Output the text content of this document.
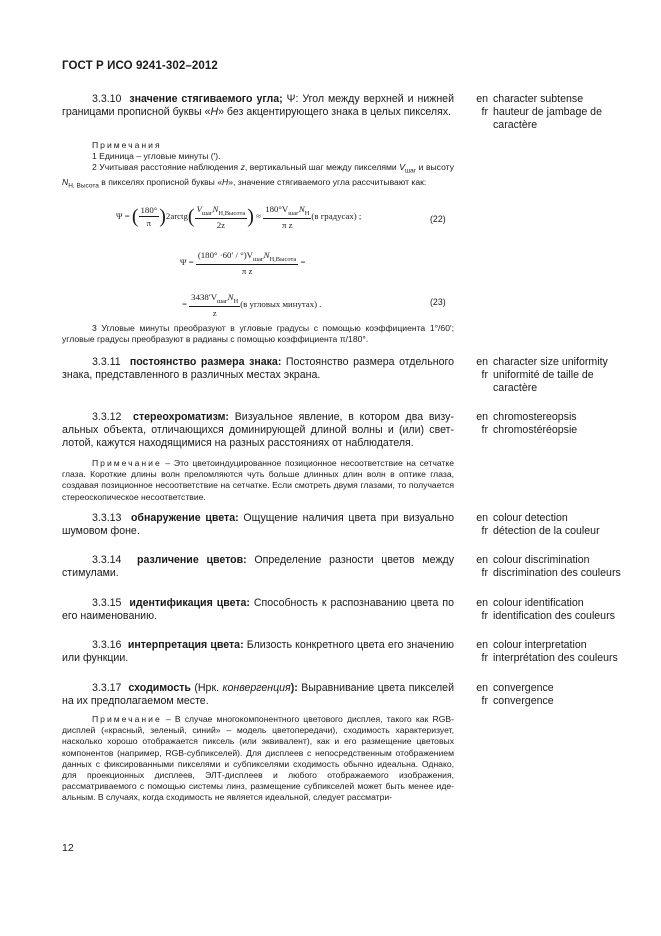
ГОСТ Р ИСО 9241-302–2012

3.3.10 значение стягиваемого угла; Ψ: Угол между верхней и нижней границами прописной буквы «H» без акцентирующего знака в целых пикселях.

Примечания

1 Единица – угловые минуты (′).

2 Учитывая расстояние наблюдения z, вертикальный шаг между пикселями $V_{шаг}$ и высоту $N_{H, Высота}$ в пикселях прописной буквы «H», значение стягиваемого угла рассчитывают как:

Ψ = ( $\frac{180^\circ}{\pi}$ )2arctg( $\frac{V_{шаг}N_{H,Высота}}{2z}$ ) ≈ $\frac{180^\circ V_{шаг}N_H}{\text{π z}} (в$ градусах) ;	(22)
$\Psi = \frac{(180^\circ \cdot 60' / ^\circ)V_{шаг}N_{H,Высота}}{\text{π z}}$ =
= $\frac{3438'V_{шаг}N_H}{z} (в$ угловых минутах) .	(23)

3 Угловые минуты преобразуют в угловые градусы с помощью коэффициента 1°/60′; угловые градусы преобразуют в радианы с помощью коэффициента π/180°.

3.3.11 постоянство размера знака: Постоянство размера отдельного знака, представленного в различных местах экрана.

3.3.12 стереохроматизм: Визуальное явление, в котором два визуальных объекта, отличающихся доминирующей длиной волны и (или) светлотой, кажутся находящимися на разных расстояниях от наблюдателя.

Примечание – Это цветоиндуцированное позиционное несоответствие на сетчатке глаза. Короткие длины волн преломляются чуть больше длинных длин волн в оптике глаза, создавая позиционное несоответствие на сетчатке. Если смотреть двумя глазами, то получается стереоскопическое несоответствие.

3.3.13 обнаружение цвета: Ощущение наличия цвета при визуально шумовом фоне.

3.3.14 различение цветов: Определение разности цветов между стимулами.

3.3.15 идентификация цвета: Способность к распознаванию цвета по его наименованию.

3.3.16 интерпретация цвета: Близость конкретного цвета его значению или функции.

3.3.17 сходимость (Нрк. конвергенция): Выравнивание цвета пикселей на их предполагаемом месте.

Примечание – В случае многокомпонентного цветового дисплея, такого как RGB-дисплей («красный, зеленый, синий» – модель цветопередачи), сходимость характеризует, насколько хорошо отображается пиксель (или эквивалент), как и его размещение цветовых компонентов (например, RGB-субпикселей). Для дисплеев с непосредственным отображением данных с фиксированными пикселями и субпикселями сходимость обычно идеальна. Однако, для проекционных дисплеев, ЭЛТ-дисплеев и любого отображаемого изображения, рассматриваемого с помощью системы линз, размещение субпикселей может быть менее идеальным. В случаях, когда сходимость не является идеальной, следует рассматри-

en character subtense
fr hauteur de jambage de caractère
en character size uniformity
fr uniformité de taille de caractère
en chromostereopsis
fr chromostéréopsie
en colour detection
fr détection de la couleur
en colour discrimination
fr discrimination des couleurs
en colour identification
fr identification des couleurs
en colour interpretation
fr interprétation des couleurs
en convergence
fr convergence
12
